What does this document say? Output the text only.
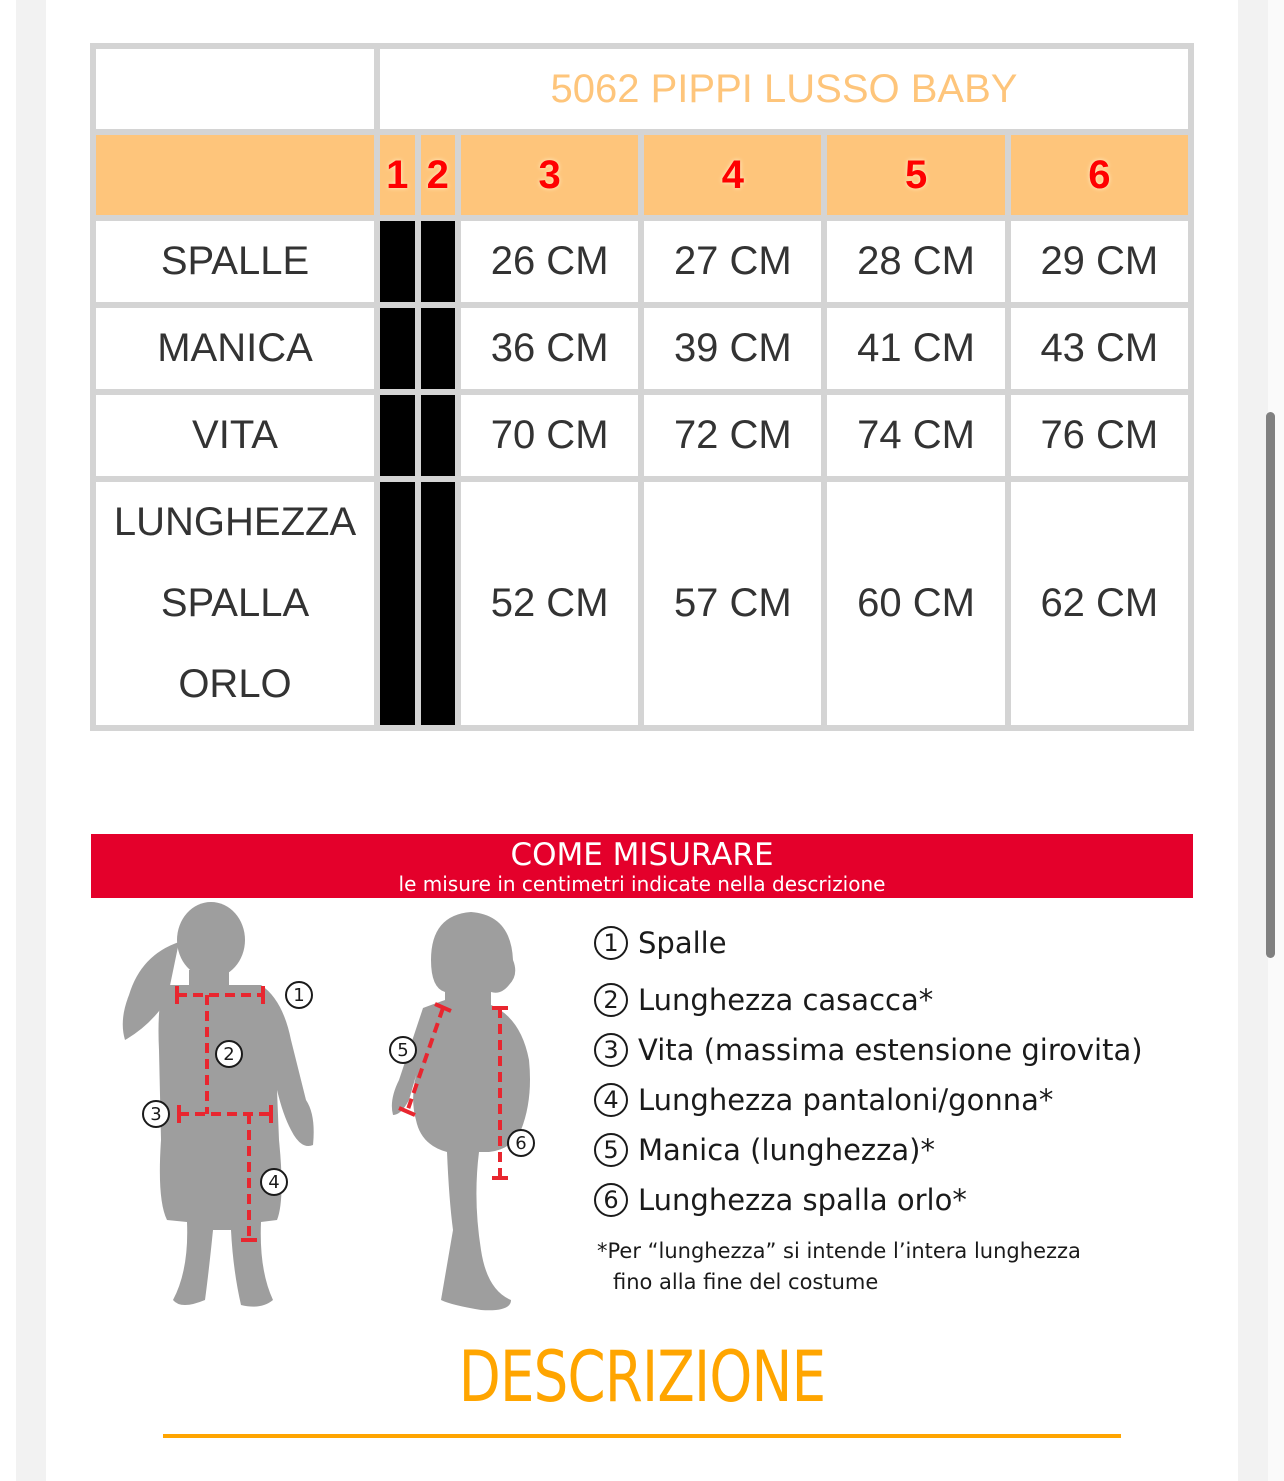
	5062 PIPPI LUSSO BABY					
	1	2	3	4	5	6
SPALLE			26 CM	27 CM	28 CM	29 CM
MANICA			36 CM	39 CM	41 CM	43 CM
VITA			70 CM	72 CM	74 CM	76 CM
LUNGHEZZA
SPALLA
ORLO			52 CM	57 CM	60 CM	62 CM
COME MISURARE
le misure in centimetri indicate nella descrizione
1
2
3
4
5
6
1 Spalle
2 Lunghezza casacca*
3 Vita (massima estensione girovita)
4 Lunghezza pantaloni/gonna*
5 Manica (lunghezza)*
6 Lunghezza spalla orlo*
*Per “lunghezza” si intende l’intera lunghezza
fino alla fine del costume
DESCRIZIONE
